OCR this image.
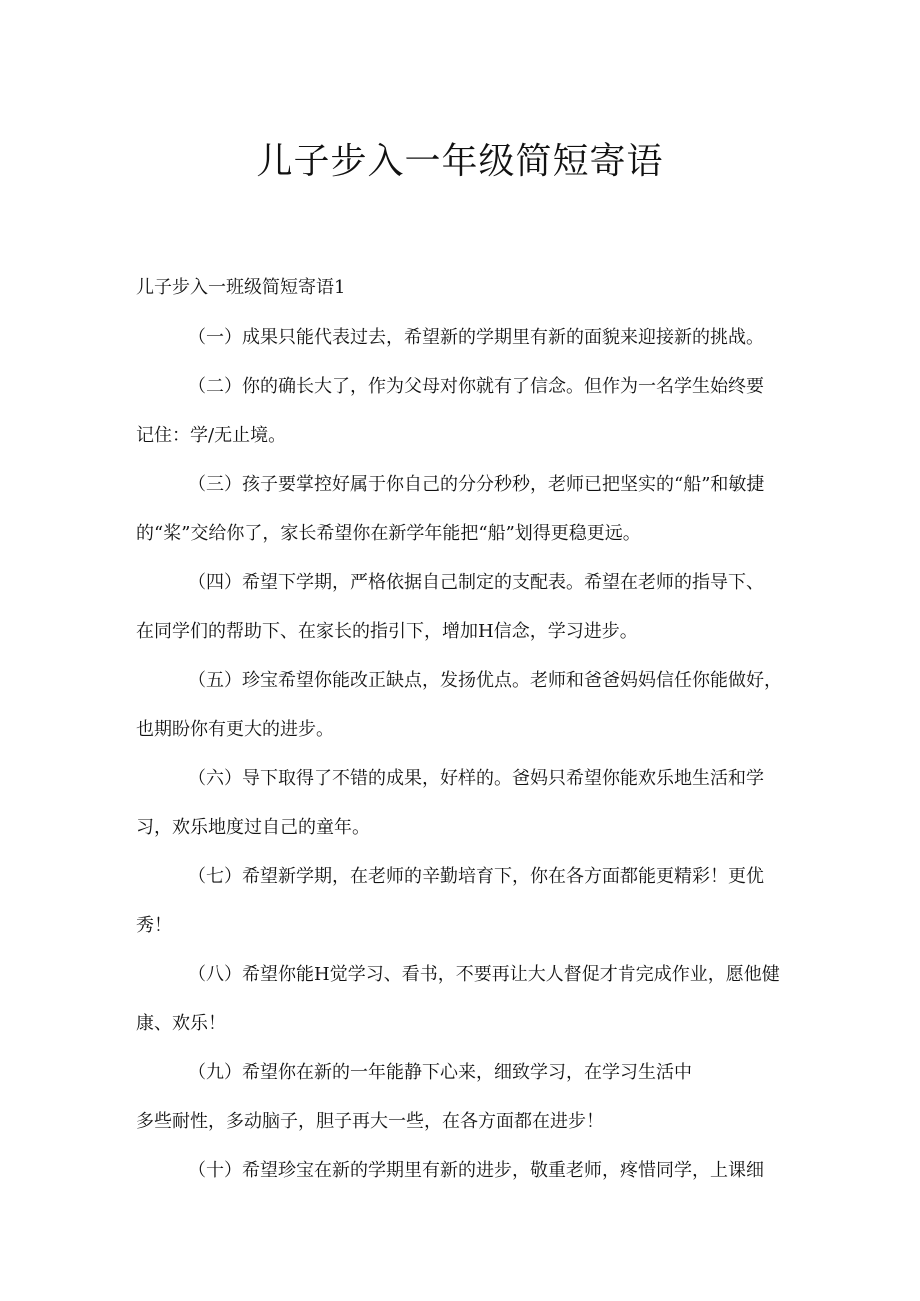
儿子步入一年级简短寄语

儿子步入一班级简短寄语1

（一）成果只能代表过去，希望新的学期里有新的面貌来迎接新的挑战。

（二）你的确长大了，作为父母对你就有了信念。但作为一名学生始终要

记住：学/无止境。

（三）孩子要掌控好属于你自己的分分秒秒，老师已把坚实的“船”和敏捷

的“桨”交给你了，家长希望你在新学年能把“船”划得更稳更远。

（四）希望下学期，严格依据自己制定的支配表。希望在老师的指导下、

在同学们的帮助下、在家长的指引下，增加H信念，学习进步。

（五）珍宝希望你能改正缺点，发扬优点。老师和爸爸妈妈信任你能做好，

也期盼你有更大的进步。

（六）导下取得了不错的成果，好样的。爸妈只希望你能欢乐地生活和学

习，欢乐地度过自己的童年。

（七）希望新学期，在老师的辛勤培育下，你在各方面都能更精彩！更优

秀！

（八）希望你能H觉学习、看书，不要再让大人督促才肯完成作业，愿他健

康、欢乐！

（九）希望你在新的一年能静下心来，细致学习，在学习生活中

多些耐性，多动脑子，胆子再大一些，在各方面都在进步！

（十）希望珍宝在新的学期里有新的进步，敬重老师，疼惜同学，上课细
